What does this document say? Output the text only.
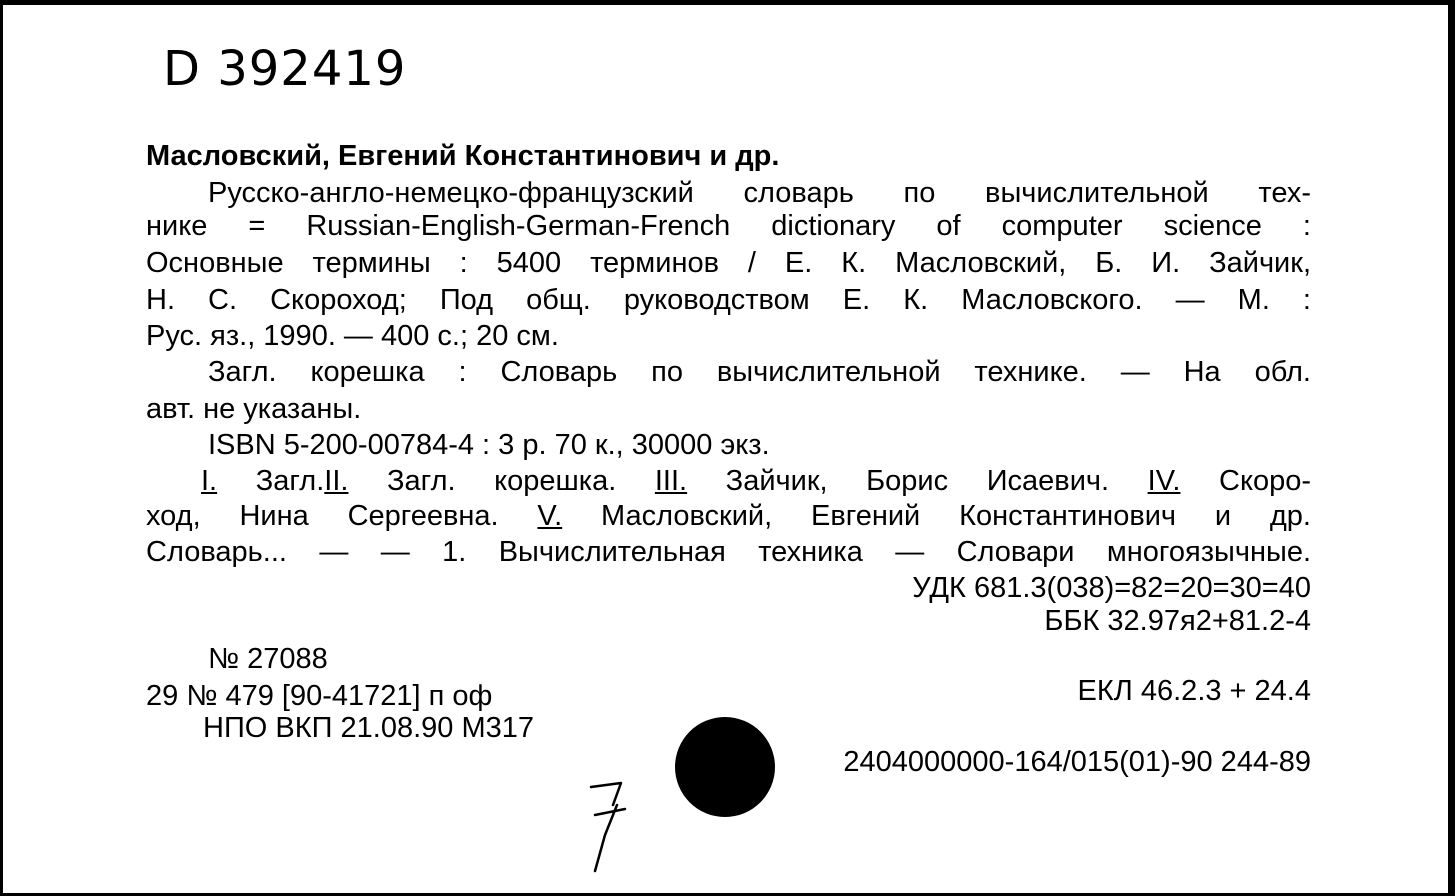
D 392419
Масловский, Евгений Константинович и др.
Русско-англо-немецко-французский словарь по вычислительной тех-
нике = Russian-English-German-French dictionary of computer science :
Основные термины : 5400 терминов / Е. К. Масловский, Б. И. Зайчик,
Н. С. Скороход; Под общ. руководством Е. К. Масловского. — М. :
Рус. яз., 1990. — 400 с.; 20 см.
Загл. корешка : Словарь по вычислительной технике. — На обл.
авт. не указаны.
ISBN 5-200-00784-4 : 3 р. 70 к., 30000 экз.
I. Загл.II. Загл. корешка. III. Зайчик, Борис Исаевич. IV. Скоро-
ход, Нина Сергеевна. V. Масловский, Евгений Константинович и др.
Словарь... — — 1. Вычислительная техника — Словари многоязычные.
УДК 681.3(038)=82=20=30=40
ББК 32.97я2+81.2-4
№ 27088
29 № 479 [90-41721] п оф	ЕКЛ 46.2.3 + 24.4
НПО ВКП 21.08.90 М317
2404000000-164/015(01)-90 244-89
